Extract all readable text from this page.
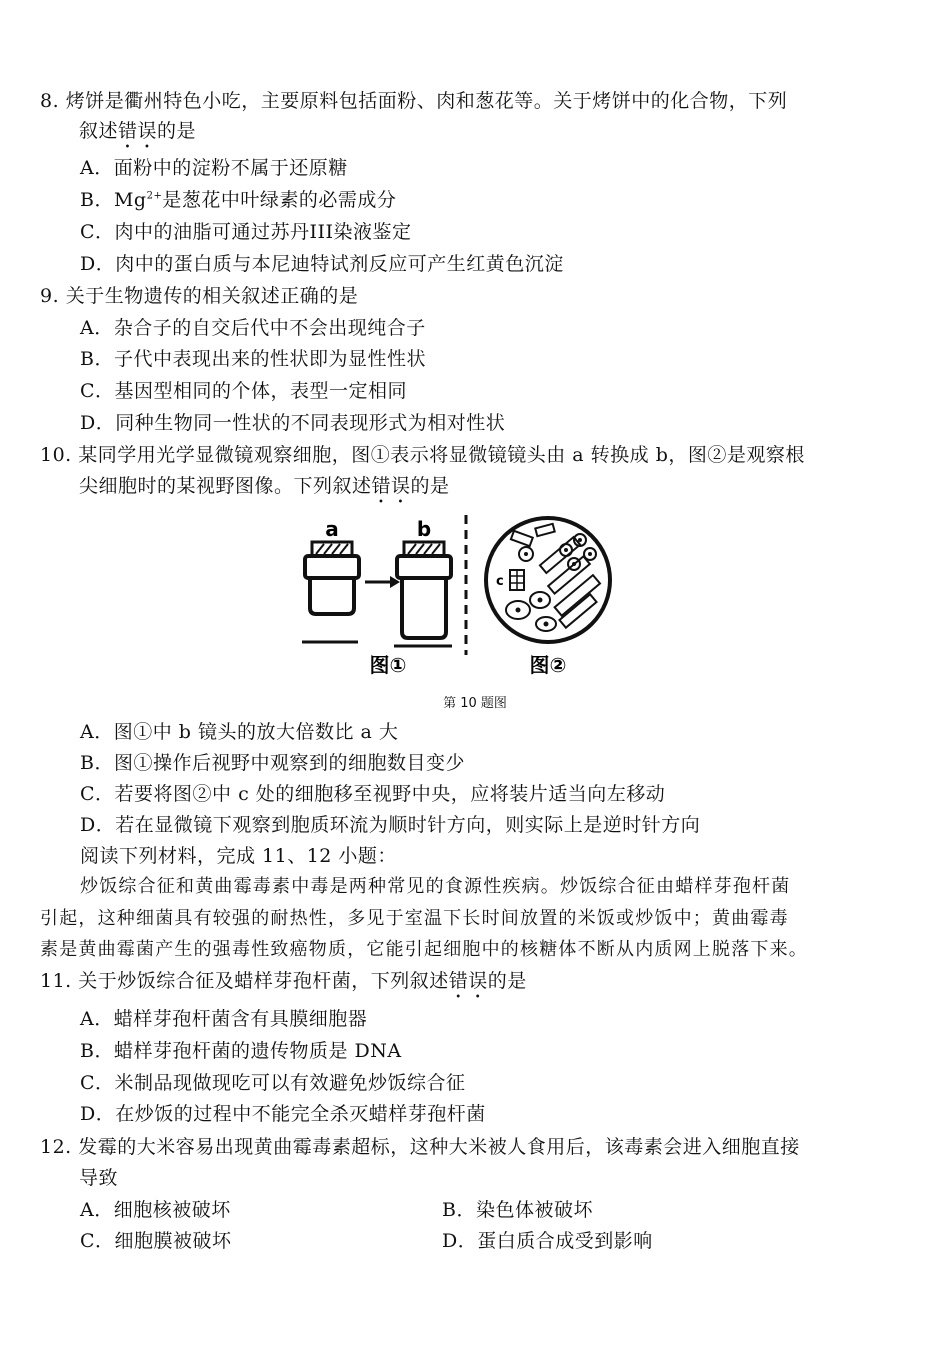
8. 烤饼是衢州特色小吃，主要原料包括面粉、肉和葱花等。关于烤饼中的化合物，下列
叙述错误的是
A．面粉中的淀粉不属于还原糖
B．$Mg^{2+}$是葱花中叶绿素的必需成分
C．肉中的油脂可通过苏丹III染液鉴定
D．肉中的蛋白质与本尼迪特试剂反应可产生红黄色沉淀
9. 关于生物遗传的相关叙述正确的是
A．杂合子的自交后代中不会出现纯合子
B．子代中表现出来的性状即为显性性状
C．基因型相同的个体，表型一定相同
D．同种生物同一性状的不同表现形式为相对性状
10. 某同学用光学显微镜观察细胞，图①表示将显微镜镜头由 a 转换成 b，图②是观察根
尖细胞时的某视野图像。下列叙述错误的是
a	b
c
图①	图②
第 10 题图
A．图①中 b 镜头的放大倍数比 a 大
B．图①操作后视野中观察到的细胞数目变少
C．若要将图②中 c 处的细胞移至视野中央，应将装片适当向左移动
D．若在显微镜下观察到胞质环流为顺时针方向，则实际上是逆时针方向
阅读下列材料，完成 11、12 小题：
炒饭综合征和黄曲霉毒素中毒是两种常见的食源性疾病。炒饭综合征由蜡样芽孢杆菌
引起，这种细菌具有较强的耐热性，多见于室温下长时间放置的米饭或炒饭中；黄曲霉毒
素是黄曲霉菌产生的强毒性致癌物质，它能引起细胞中的核糖体不断从内质网上脱落下来。
11. 关于炒饭综合征及蜡样芽孢杆菌，下列叙述错误的是
A．蜡样芽孢杆菌含有具膜细胞器
B．蜡样芽孢杆菌的遗传物质是 DNA
C．米制品现做现吃可以有效避免炒饭综合征
D．在炒饭的过程中不能完全杀灭蜡样芽孢杆菌
12. 发霉的大米容易出现黄曲霉毒素超标，这种大米被人食用后，该毒素会进入细胞直接
导致
A．细胞核被破坏	B．染色体被破坏
C．细胞膜被破坏	D．蛋白质合成受到影响
